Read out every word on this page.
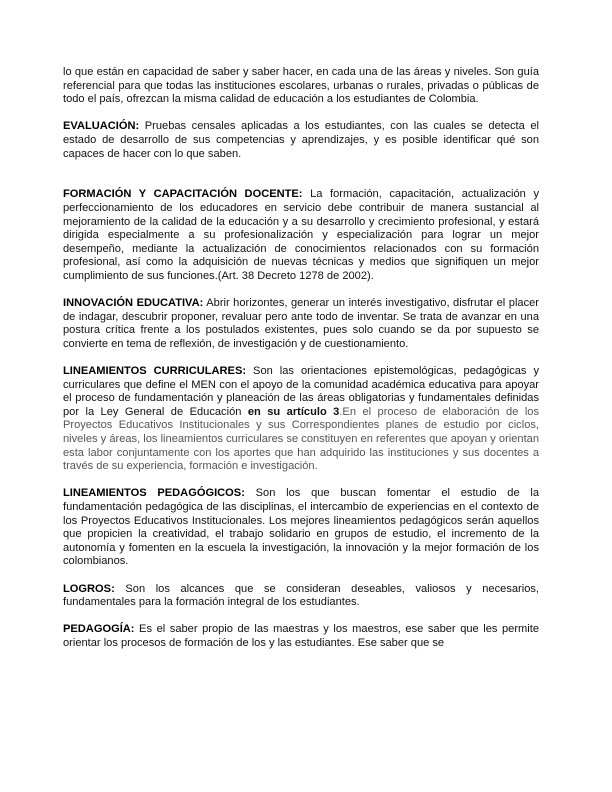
lo que están en capacidad de saber y saber hacer, en cada una de las áreas y niveles. Son guía referencial para que todas las instituciones escolares, urbanas o rurales, privadas o públicas de todo el país, ofrezcan la misma calidad de educación a los estudiantes de Colombia.

EVALUACIÓN: Pruebas censales aplicadas a los estudiantes, con las cuales se detecta el estado de desarrollo de sus competencias y aprendizajes, y es posible identificar qué son capaces de hacer con lo que saben.

FORMACIÓN Y CAPACITACIÓN DOCENTE: La formación, capacitación, actualización y perfeccionamiento de los educadores en servicio debe contribuir de manera sustancial al mejoramiento de la calidad de la educación y a su desarrollo y crecimiento profesional, y estará dirigida especialmente a su profesionalización y especialización para lograr un mejor desempeño, mediante la actualización de conocimientos relacionados con su formación profesional, así como la adquisición de nuevas técnicas y medios que signifiquen un mejor cumplimiento de sus funciones.(Art. 38 Decreto 1278 de 2002).

INNOVACIÓN EDUCATIVA: Abrir horizontes, generar un interés investigativo, disfrutar el placer de indagar, descubrir proponer, revaluar pero ante todo de inventar. Se trata de avanzar en una postura crítica frente a los postulados existentes, pues solo cuando se da por supuesto se convierte en tema de reflexión, de investigación y de cuestionamiento.

LINEAMIENTOS CURRICULARES: Son las orientaciones epistemológicas, pedagógicas y curriculares que define el MEN con el apoyo de la comunidad académica educativa para apoyar el proceso de fundamentación y planeación de las áreas obligatorias y fundamentales definidas por la Ley General de Educación en su artículo 3.En el proceso de elaboración de los Proyectos Educativos Institucionales y sus Correspondientes planes de estudio por ciclos, niveles y áreas, los lineamientos curriculares se constituyen en referentes que apoyan y orientan esta labor conjuntamente con los aportes que han adquirido las instituciones y sus docentes a través de su experiencia, formación e investigación.

LINEAMIENTOS PEDAGÓGICOS: Son los que buscan fomentar el estudio de la fundamentación pedagógica de las disciplinas, el intercambio de experiencias en el contexto de los Proyectos Educativos Institucionales. Los mejores lineamientos pedagógicos serán aquellos que propicien la creatividad, el trabajo solidario en grupos de estudio, el incremento de la autonomía y fomenten en la escuela la investigación, la innovación y la mejor formación de los colombianos.

LOGROS: Son los alcances que se consideran deseables, valiosos y necesarios, fundamentales para la formación integral de los estudiantes.

PEDAGOGÍA: Es el saber propio de las maestras y los maestros, ese saber que les permite orientar los procesos de formación de los y las estudiantes. Ese saber que se
